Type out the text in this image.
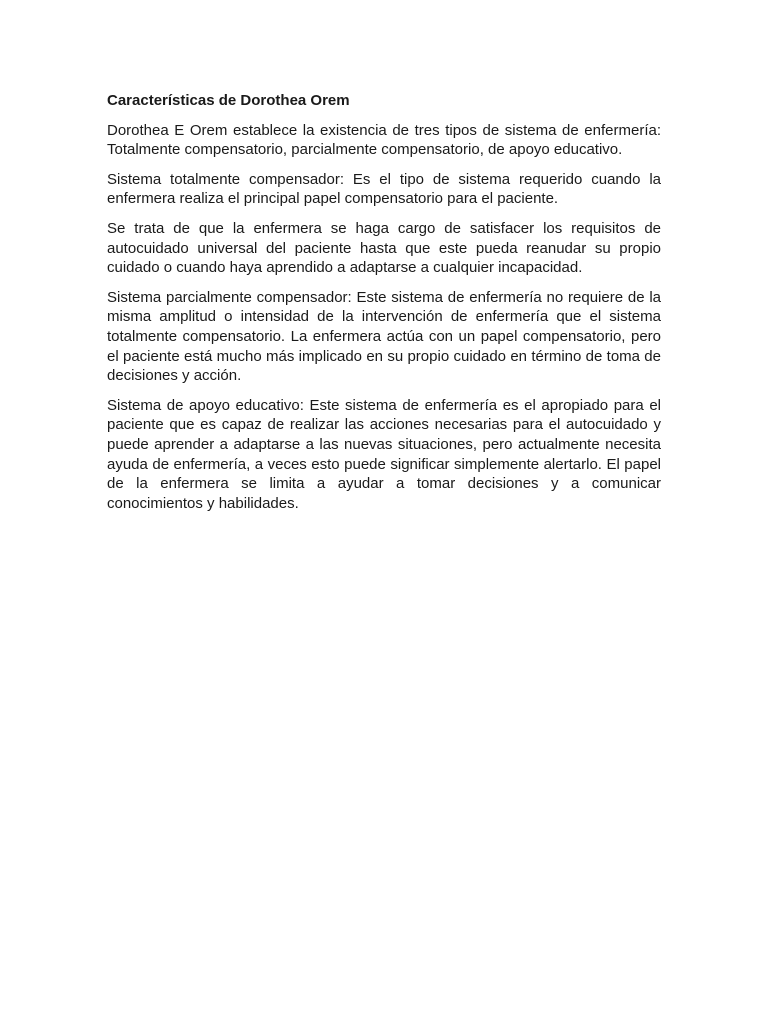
Características de Dorothea Orem

Dorothea E Orem establece la existencia de tres tipos de sistema de enfermería: Totalmente compensatorio, parcialmente compensatorio, de apoyo educativo.

Sistema totalmente compensador: Es el tipo de sistema requerido cuando la enfermera realiza el principal papel compensatorio para el paciente.

Se trata de que la enfermera se haga cargo de satisfacer los requisitos de autocuidado universal del paciente hasta que este pueda reanudar su propio cuidado o cuando haya aprendido a adaptarse a cualquier incapacidad.

Sistema parcialmente compensador: Este sistema de enfermería no requiere de la misma amplitud o intensidad de la intervención de enfermería que el sistema totalmente compensatorio. La enfermera actúa con un papel compensatorio, pero el paciente está mucho más implicado en su propio cuidado en término de toma de decisiones y acción.

Sistema de apoyo educativo: Este sistema de enfermería es el apropiado para el paciente que es capaz de realizar las acciones necesarias para el autocuidado y puede aprender a adaptarse a las nuevas situaciones, pero actualmente necesita ayuda de enfermería, a veces esto puede significar simplemente alertarlo. El papel de la enfermera se limita a ayudar a tomar decisiones y a comunicar conocimientos y habilidades.
